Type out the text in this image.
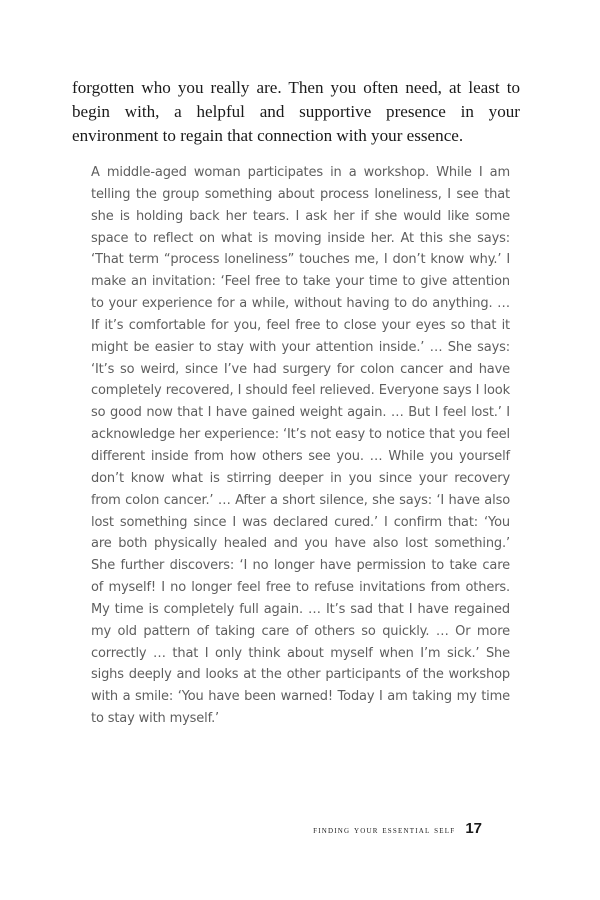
forgotten who you really are. Then you often need, at least to begin with, a helpful and supportive presence in your environment to regain that connection with your essence.

A middle-aged woman participates in a workshop. While I am telling the group something about process loneliness, I see that she is holding back her tears. I ask her if she would like some space to reflect on what is moving inside her. At this she says: ‘That term “process loneliness” touches me, I don’t know why.’ I make an invitation: ‘Feel free to take your time to give attention to your experience for a while, without having to do anything. … If it’s comfortable for you, feel free to close your eyes so that it might be easier to stay with your attention inside.’ … She says: ‘It’s so weird, since I’ve had surgery for colon cancer and have completely recovered, I should feel relieved. Everyone says I look so good now that I have gained weight again. … But I feel lost.’ I acknowledge her experience: ‘It’s not easy to notice that you feel different inside from how others see you. … While you yourself don’t know what is stirring deeper in you since your recovery from colon cancer.’ … After a short silence, she says: ‘I have also lost something since I was declared cured.’ I confirm that: ‘You are both physically healed and you have also lost something.’ She further discovers: ‘I no longer have permission to take care of myself! I no longer feel free to refuse invitations from others. My time is completely full again. … It’s sad that I have regained my old pattern of taking care of others so quickly. … Or more correctly … that I only think about myself when I’m sick.’ She sighs deeply and looks at the other participants of the workshop with a smile: ‘You have been warned! Today I am taking my time to stay with myself.’

finding your essential self 17
